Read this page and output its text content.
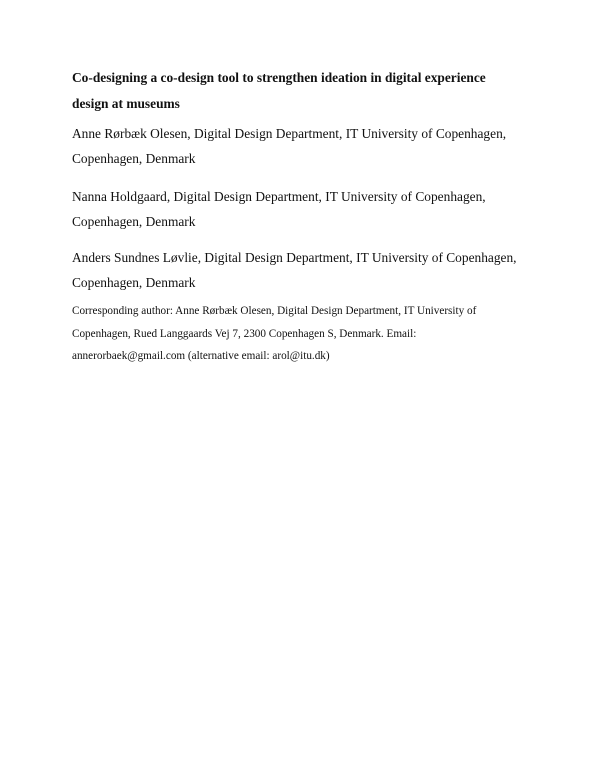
Co-designing a co-design tool to strengthen ideation in digital experience
design at museums
Anne Rørbæk Olesen, Digital Design Department, IT University of Copenhagen,
Copenhagen, Denmark
Nanna Holdgaard, Digital Design Department, IT University of Copenhagen,
Copenhagen, Denmark
Anders Sundnes Løvlie, Digital Design Department, IT University of Copenhagen,
Copenhagen, Denmark
Corresponding author: Anne Rørbæk Olesen, Digital Design Department, IT University of
Copenhagen, Rued Langgaards Vej 7, 2300 Copenhagen S, Denmark. Email:
annerorbaek@gmail.com (alternative email: arol@itu.dk)
